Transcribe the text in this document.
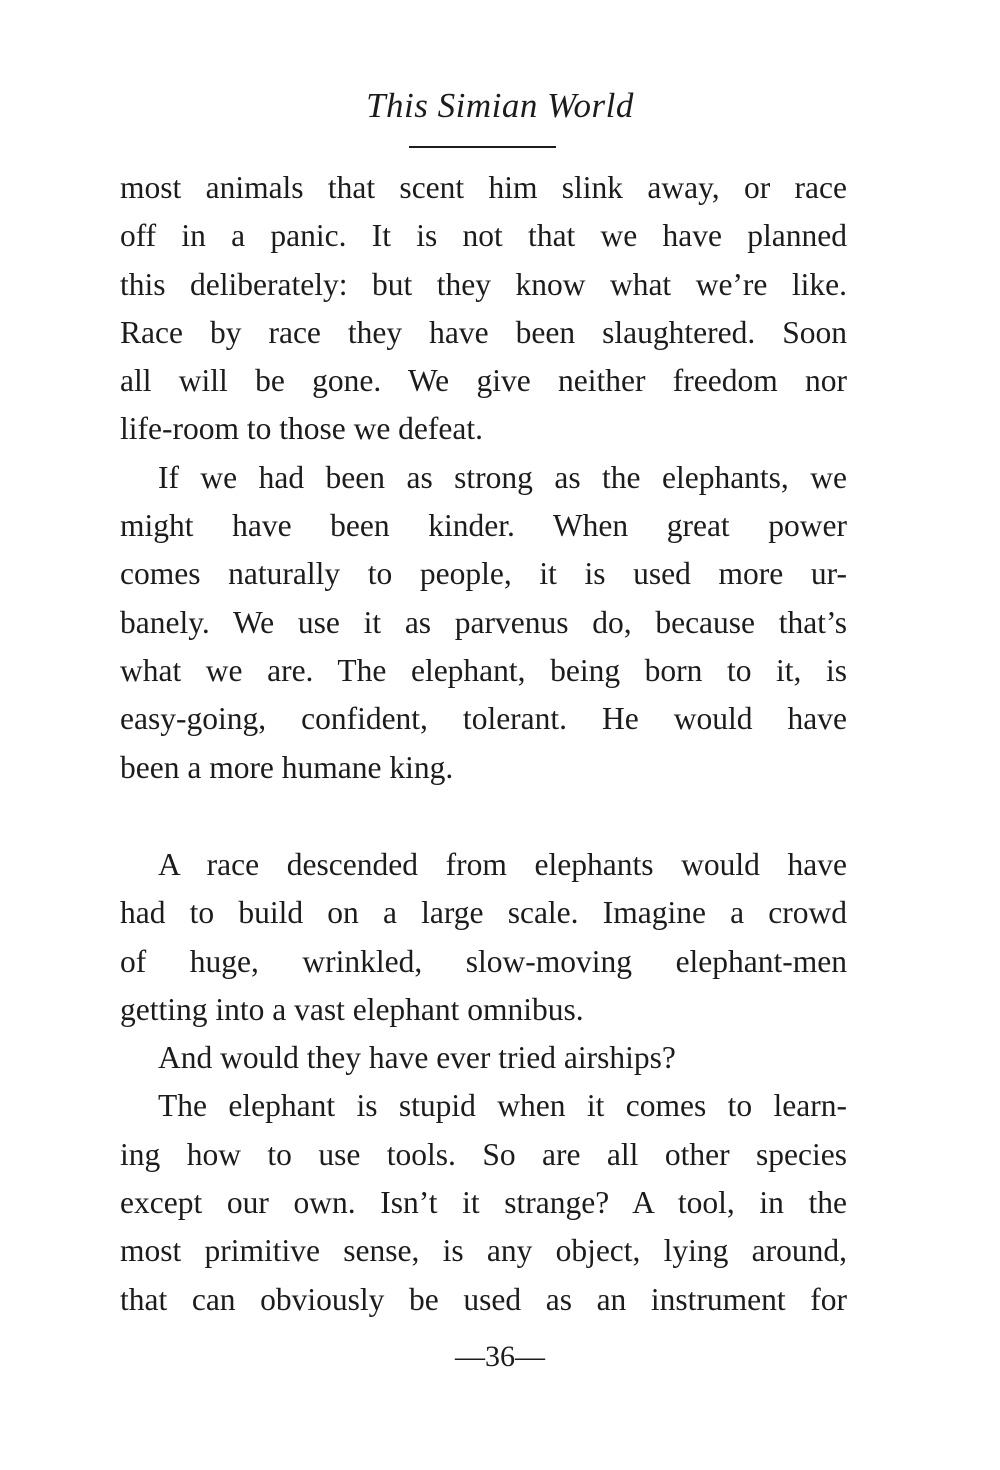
This Simian World
most animals that scent him slink away, or race
off in a panic. It is not that we have planned
this deliberately: but they know what we’re like.
Race by race they have been slaughtered. Soon
all will be gone. We give neither freedom nor
life-room to those we defeat.
If we had been as strong as the elephants, we
might have been kinder. When great power
comes naturally to people, it is used more ur-
banely. We use it as parvenus do, because that’s
what we are. The elephant, being born to it, is
easy-going, confident, tolerant. He would have
been a more humane king.
A race descended from elephants would have
had to build on a large scale. Imagine a crowd
of huge, wrinkled, slow-moving elephant-men
getting into a vast elephant omnibus.
And would they have ever tried airships?
The elephant is stupid when it comes to learn-
ing how to use tools. So are all other species
except our own. Isn’t it strange? A tool, in the
most primitive sense, is any object, lying around,
that can obviously be used as an instrument for
—36—
